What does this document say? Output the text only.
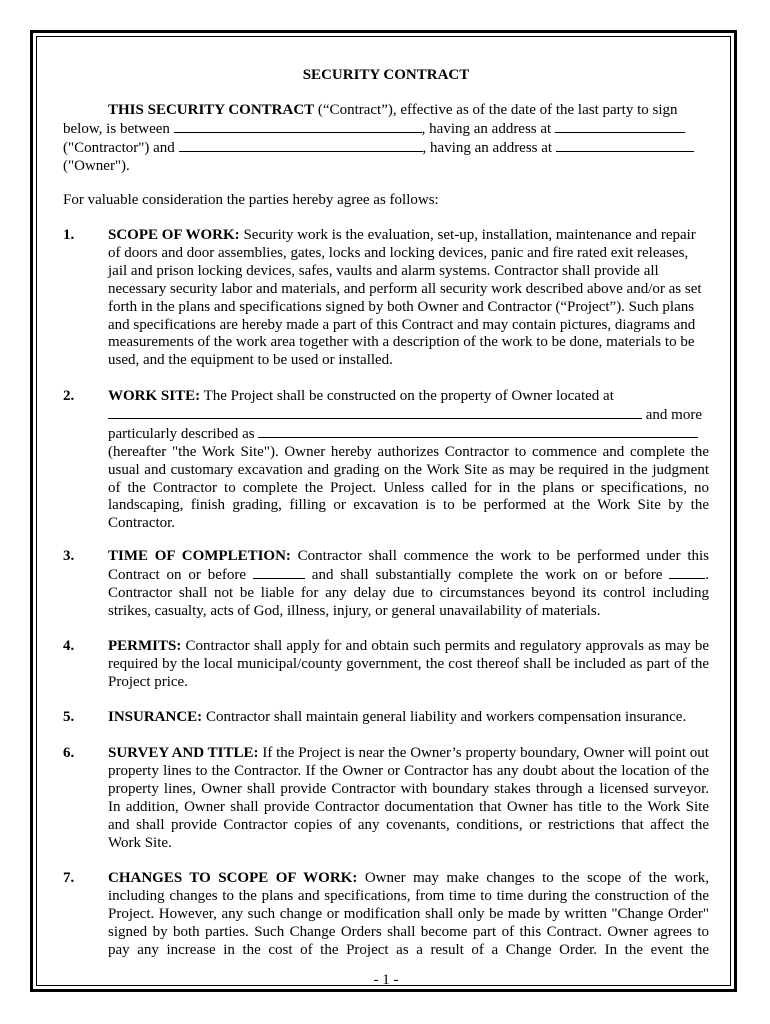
SECURITY CONTRACT
THIS SECURITY CONTRACT (“Contract”), effective as of the date of the last party to sign
below, is between	, having an address at
("Contractor") and	, having an address at
("Owner").
For valuable consideration the parties hereby agree as follows:
1. SCOPE OF WORK: Security work is the evaluation, set-up, installation, maintenance and repair of doors and door assemblies, gates, locks and locking devices, panic and fire rated exit releases, jail and prison locking devices, safes, vaults and alarm systems. Contractor shall provide all necessary security labor and materials, and perform all security work described above and/or as set forth in the plans and specifications signed by both Owner and Contractor (“Project”). Such plans and specifications are hereby made a part of this Contract and may contain pictures, diagrams and measurements of the work area together with a description of the work to be done, materials to be used, and the equipment to be used or installed.
2. WORK SITE: The Project shall be constructed on the property of Owner located at
and more
particularly described as
(hereafter "the Work Site"). Owner hereby authorizes Contractor to commence and complete the usual and customary excavation and grading on the Work Site as may be required in the judgment of the Contractor to complete the Project. Unless called for in the plans or specifications, no landscaping, finish grading, filling or excavation is to be performed at the Work Site by the Contractor.
3. TIME OF COMPLETION: Contractor shall commence the work to be performed under this Contract on or before	and shall substantially complete the work on or before	. Contractor shall not be liable for any delay due to circumstances beyond its control including strikes, casualty, acts of God, illness, injury, or general unavailability of materials.
4. PERMITS: Contractor shall apply for and obtain such permits and regulatory approvals as may be required by the local municipal/county government, the cost thereof shall be included as part of the Project price.
5. INSURANCE: Contractor shall maintain general liability and workers compensation insurance.
6. SURVEY AND TITLE: If the Project is near the Owner’s property boundary, Owner will point out property lines to the Contractor. If the Owner or Contractor has any doubt about the location of the property lines, Owner shall provide Contractor with boundary stakes through a licensed surveyor. In addition, Owner shall provide Contractor documentation that Owner has title to the Work Site and shall provide Contractor copies of any covenants, conditions, or restrictions that affect the Work Site.
7. CHANGES TO SCOPE OF WORK: Owner may make changes to the scope of the work, including changes to the plans and specifications, from time to time during the construction of the Project. However, any such change or modification shall only be made by written "Change Order" signed by both parties. Such Change Orders shall become part of this Contract. Owner agrees to pay any increase in the cost of the Project as a result of a Change Order. In the event the
- 1 -
